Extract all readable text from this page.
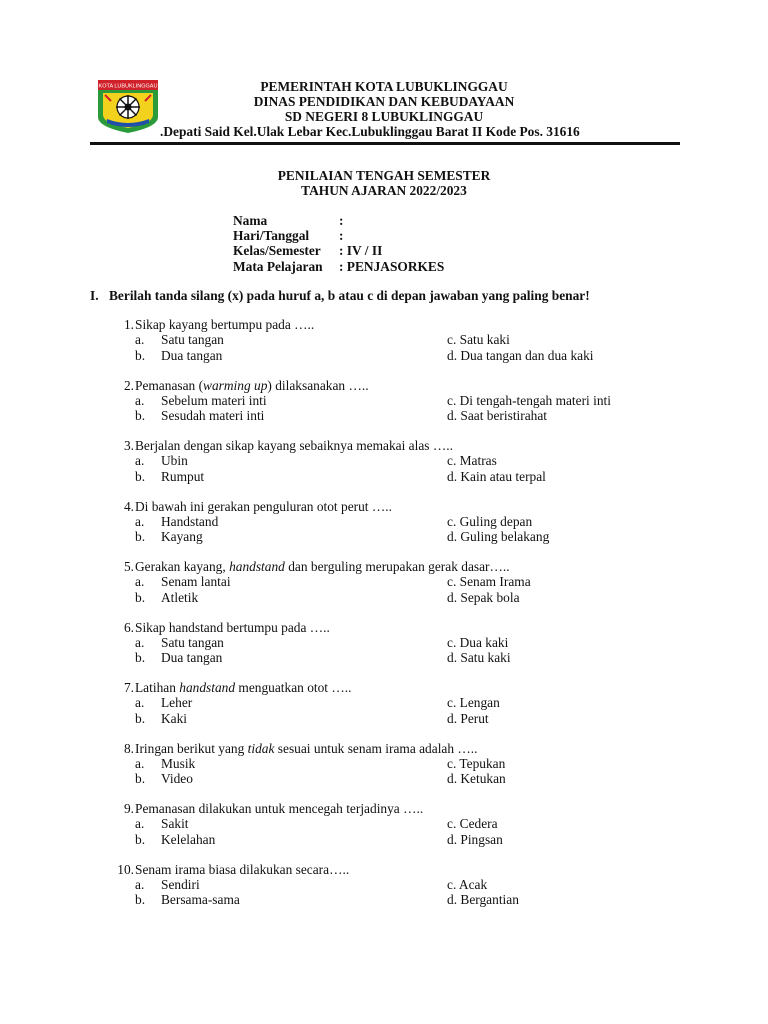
KOTA LUBUKLINGGAU	PEMERINTAH KOTA LUBUKLINGGAU
DINAS PENDIDIKAN DAN KEBUDAYAAN
SD NEGERI 8 LUBUKLINGGAU
.Depati Said Kel.Ulak Lebar Kec.Lubuklinggau Barat II Kode Pos. 31616
PENILAIAN TENGAH SEMESTER
TAHUN AJARAN 2022/2023
Nama	:
Hari/Tanggal	:
Kelas/Semester	: IV / II
Mata Pelajaran	: PENJASORKES
I. Berilah tanda silang (x) pada huruf a, b atau c di depan jawaban yang paling benar!
1. Sikap kayang bertumpu pada …..
a. Satu tangan	c. Satu kaki
b. Dua tangan	d. Dua tangan dan dua kaki
2. Pemanasan (warming up) dilaksanakan …..
a. Sebelum materi inti	c. Di tengah-tengah materi inti
b. Sesudah materi inti	d. Saat beristirahat
3. Berjalan dengan sikap kayang sebaiknya memakai alas …..
a. Ubin	c. Matras
b. Rumput	d. Kain atau terpal
4. Di bawah ini gerakan penguluran otot perut …..
a. Handstand	c. Guling depan
b. Kayang	d. Guling belakang
5. Gerakan kayang, handstand dan berguling merupakan gerak dasar…..
a. Senam lantai	c. Senam Irama
b. Atletik	d. Sepak bola
6. Sikap handstand bertumpu pada …..
a. Satu tangan	c. Dua kaki
b. Dua tangan	d. Satu kaki
7. Latihan handstand menguatkan otot …..
a. Leher	c. Lengan
b. Kaki	d. Perut
8. Iringan berikut yang tidak sesuai untuk senam irama adalah …..
a. Musik	c. Tepukan
b. Video	d. Ketukan
9. Pemanasan dilakukan untuk mencegah terjadinya …..
a. Sakit	c. Cedera
b. Kelelahan	d. Pingsan
10. Senam irama biasa dilakukan secara…..
a. Sendiri	c. Acak
b. Bersama-sama	d. Bergantian
